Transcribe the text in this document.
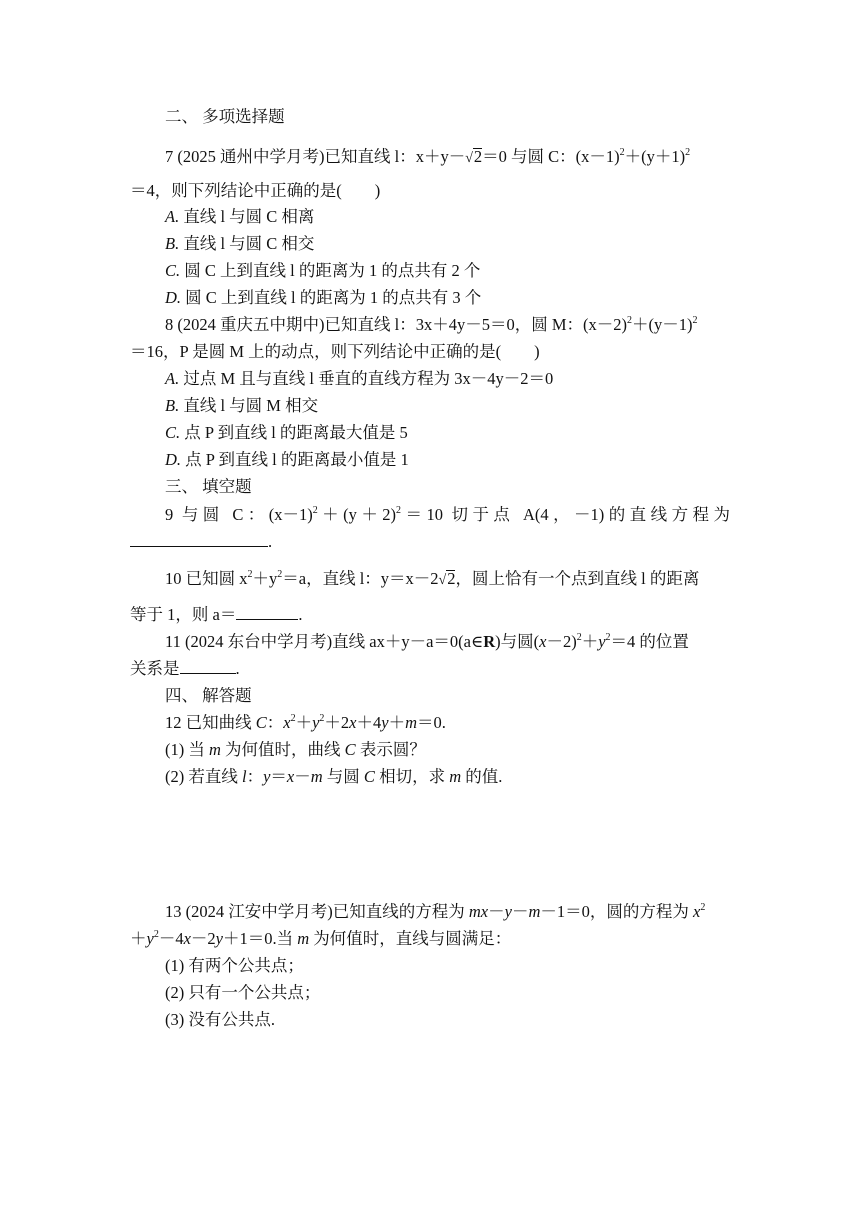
二、 多项选择题
7 (2025 通州中学月考)已知直线 l：x＋y－√2＝0 与圆 C：$(x-1)^2+(y+1)^2$
＝4，则下列结论中正确的是(　　)
A. 直线 l 与圆 C 相离
B. 直线 l 与圆 C 相交
C. 圆 C 上到直线 l 的距离为 1 的点共有 2 个
D. 圆 C 上到直线 l 的距离为 1 的点共有 3 个
8 (2024 重庆五中期中)已知直线 l：3x＋4y－5＝0，圆 M：$(x-2)^2+(y-1)^2$
＝16，P 是圆 M 上的动点，则下列结论中正确的是(　　)
A. 过点 M 且与直线 l 垂直的直线方程为 3x－4y－2＝0
B. 直线 l 与圆 M 相交
C. 点 P 到直线 l 的距离最大值是 5
D. 点 P 到直线 l 的距离最小值是 1
三、 填空题
9 与圆 C：$(x-1)^2+(y+2)^2=10$ 切于点 A(4，－1)的直线方程为
.
10 已知圆 $x^2+y^2=a$，直线 l：y＝x－2√2，圆上恰有一个点到直线 l 的距离
等于 1，则 a＝	.
11 (2024 东台中学月考)直线 ax＋y－a＝0(a∈R)与圆$(x-2)^2+y^2=4$ 的位置
关系是	.
四、 解答题
12 已知曲线 C：$x^2+y^2+2x+4y+m=0$.
(1) 当 m 为何值时，曲线 C 表示圆？
(2) 若直线 l：y＝x－m 与圆 C 相切，求 m 的值.
13 (2024 江安中学月考)已知直线的方程为 mx－y－m－1＝0，圆的方程为 $x^2$
$+y^2-4x-2y+1=0$.当 m 为何值时，直线与圆满足：
(1) 有两个公共点；
(2) 只有一个公共点；
(3) 没有公共点.
